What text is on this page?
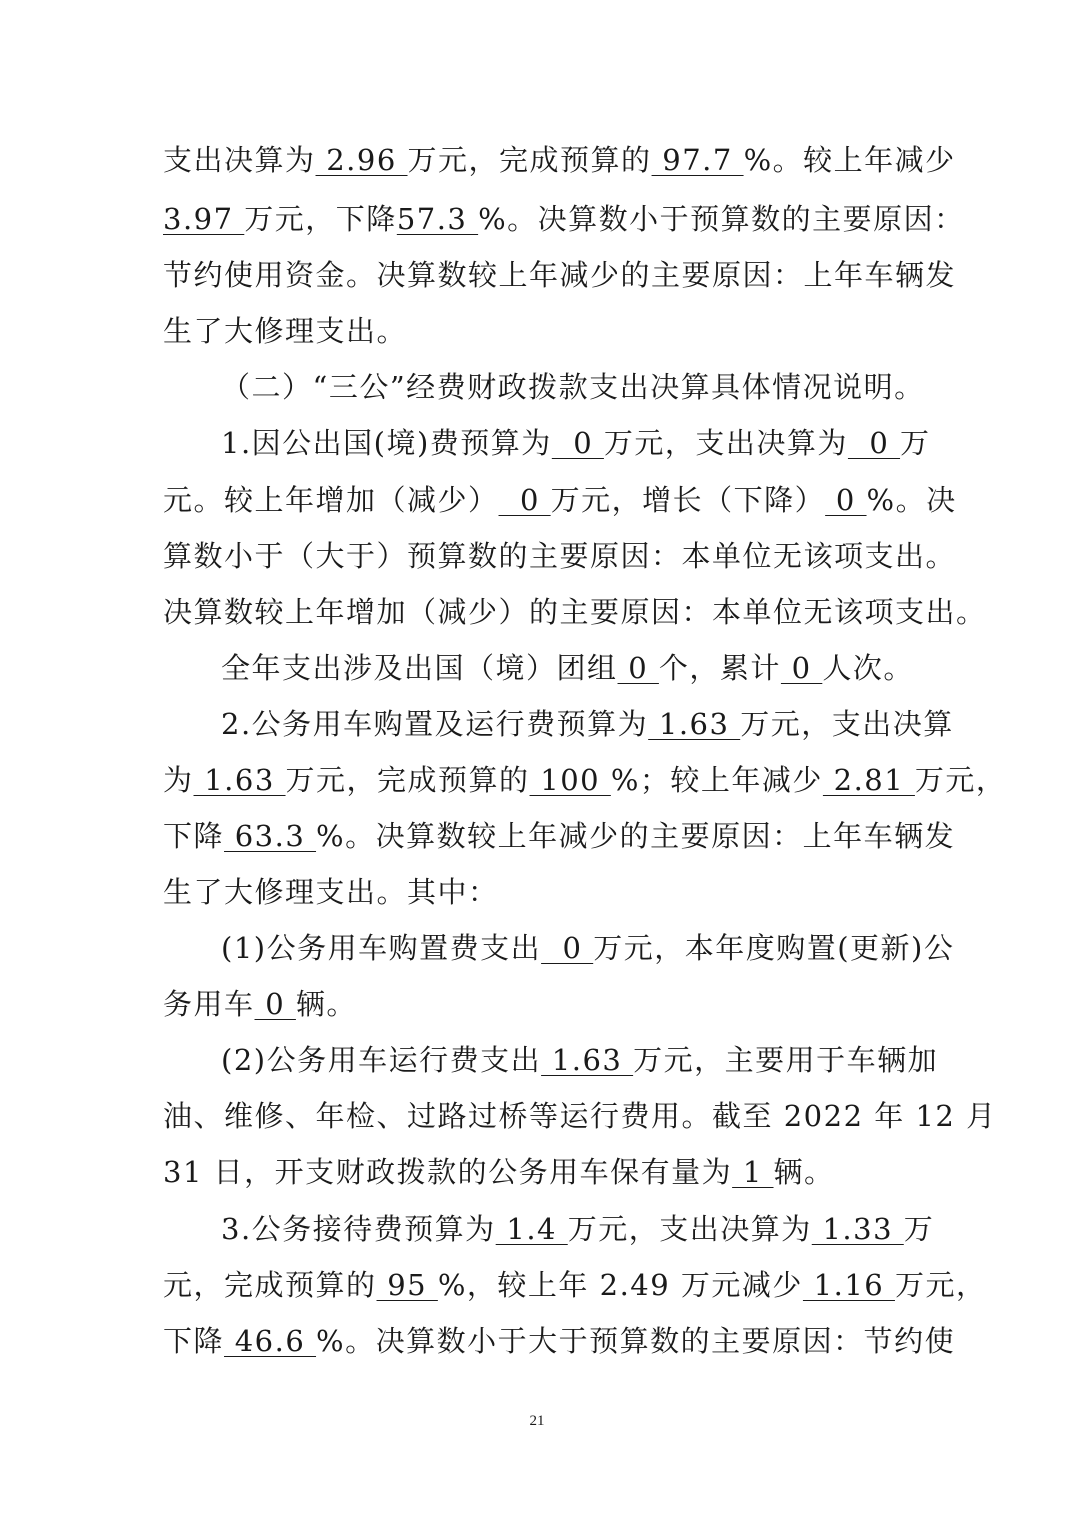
支出决算为 2.96 万元，完成预算的 97.7 %。较上年减少
3.97 万元，下降57.3 %。决算数小于预算数的主要原因：
节约使用资金。决算数较上年减少的主要原因：上年车辆发
生了大修理支出。
（二）“三公”经费财政拨款支出决算具体情况说明。
1.因公出国(境)费预算为  0 万元，支出决算为  0 万
元。较上年增加（减少）  0 万元，增长（下降） 0 %。决
算数小于（大于）预算数的主要原因：本单位无该项支出。
决算数较上年增加（减少）的主要原因：本单位无该项支出。
全年支出涉及出国（境）团组 0 个，累计 0 人次。
2.公务用车购置及运行费预算为 1.63 万元，支出决算
为 1.63 万元，完成预算的 100 %；较上年减少 2.81 万元，
下降 63.3 %。决算数较上年减少的主要原因：上年车辆发
生了大修理支出。其中：
(1)公务用车购置费支出  0 万元，本年度购置(更新)公
务用车 0 辆。
(2)公务用车运行费支出 1.63 万元，主要用于车辆加
油、维修、年检、过路过桥等运行费用。截至 2022 年 12 月
31 日，开支财政拨款的公务用车保有量为 1 辆。
3.公务接待费预算为 1.4 万元，支出决算为 1.33 万
元，完成预算的 95 %，较上年 2.49 万元减少 1.16 万元，
下降 46.6 %。决算数小于大于预算数的主要原因：节约使
21
